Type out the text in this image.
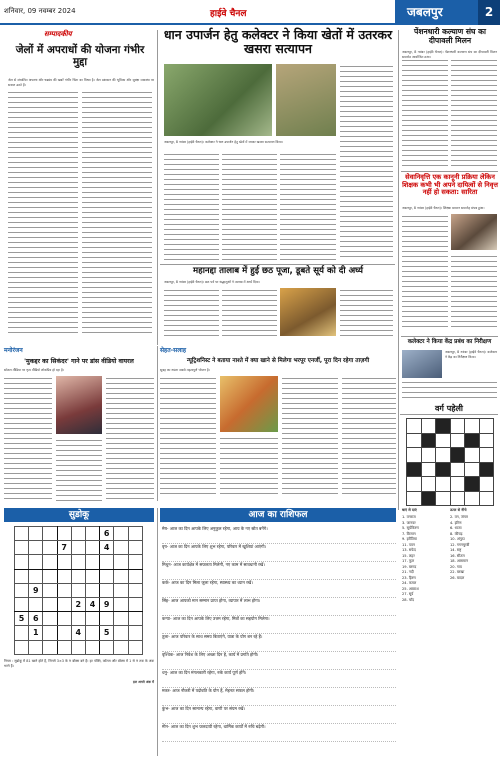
शनिवार, 09 नवम्बर 2024	हाईवे चैनल	जबलपुर	2
सम्पादकीय
जेलों में अपराधों की योजना गंभीर मुद्दा
जेल से संचालित अपराध और षड्यंत्र की खबरें गंभीर चिंता का विषय है। जेल प्रशासन की भूमिका और सुरक्षा व्यवस्था पर सवाल उठते हैं।
धान उपार्जन हेतु कलेक्टर ने किया खेतों में उतरकर खसरा सत्यापन
जबलपुर, 8 नवंबर (हाईवे चैनल)। कलेक्टर ने धान उपार्जन हेतु खेतों में जाकर खसरा सत्यापन किया।
महानद्दा तालाब में हुई छठ पूजा, डूबते सूर्य को दी अर्घ्य
जबलपुर, 8 नवंबर (हाईवे चैनल)। छठ पर्व पर श्रद्धालुओं ने तालाब में अर्घ्य दिया।
पेंशनधारी कल्याण संघ का दीपावली मिलन
जबलपुर, 8 नवंबर (हाईवे चैनल)। पेंशनधारी कल्याण संघ का दीपावली मिलन
सेवानिवृत्ति एक कानूनी प्रक्रिया लेकिन शिक्षक कभी भी अपने दायित्वों से निवृत्त नहीं हो सकता: सारिता
जबलपुर, 8 नवंबर (हाईवे चैनल)। शिक्षक सम्मान समारोह संपन्न हुआ।
कलेक्टर ने किया केंद्र प्रबंध का निरीक्षण
जबलपुर, 8 नवंबर (हाईवे चैनल)। कलेक्टर ने केंद्र का निरीक्षण किया।
वर्ग पहेली

मनोरंजन
'मुकद्दर का सिकंदर' गाने पर डांस वीडियो वायरल
सोशल मीडिया पर नृत्य वीडियो लोकप्रिय हो रहा है।
सेहत-सलाह
न्यूट्रिशनिस्ट ने बताया नाश्ते में क्या खाने से मिलेगा भरपूर एनर्जी, पूरा दिन रहेगा ताज़गी
सुबह का नाश्ता सबसे महत्वपूर्ण भोजन है।
सुडोकू
						6		
			7			4		

	9							
				2	4	9		
5	6							
	1			4		5		

नियम : सुडोकू में 81 खाने होते हैं, जिनमें 3×3 के 9 बॉक्स बने हैं। हर पंक्ति, कॉलम और बॉक्स में 1 से 9 तक के अंक भरने हैं।
हल अगले अंक में
आज का राशिफल
मेष- आज का दिन आपके लिए अनुकूल रहेगा, आय के नए स्रोत बनेंगे।
वृष- आज का दिन आपके लिए शुभ रहेगा, परिवार में खुशियां आएंगी।
मिथुन- आज कार्यक्षेत्र में सफलता मिलेगी, नए काम में सावधानी रखें।
कर्क- आज का दिन मिला जुला रहेगा, स्वास्थ्य का ध्यान रखें।
सिंह- आज आपको मान सम्मान प्राप्त होगा, व्यापार में लाभ होगा।
कन्या- आज का दिन आपके लिए उत्तम रहेगा, मित्रों का सहयोग मिलेगा।
तुला- आज परिवार के साथ समय बिताएंगे, यात्रा के योग बन रहे हैं।
वृश्चिक- आज निवेश के लिए अच्छा दिन है, कार्य में प्रगति होगी।
धनु- आज का दिन मंगलकारी रहेगा, रुके कार्य पूर्ण होंगे।
मकर- आज नौकरी में पदोन्नति के योग हैं, मेहनत सफल होगी।
कुंभ- आज का दिन सामान्य रहेगा, वाणी पर संयम रखें।
मीन- आज का दिन शुभ फलदायी रहेगा, धार्मिक कार्यों में रुचि बढ़ेगी।
बाएं से दाएं
1. वनराज
3. जानवर
5. सूर्यकिरण
7. किसान
9. हरीतिमा
11. पवन
13. सफेद
15. लहर
17. फूल
19. बरगद
21. नदी
23. हिरण
24. कमल
25. आकाश
27. सूर्य
28. चाँद
ऊपर से नीचे
2. वन, जंगल
4. हरिण
6. ध्वजा
8. कीचड़
10. अंगूठा
12. गगनचुम्बी
14. राष्ट्र
16. सीतल
18. आसमान
20. गाय
22. बरखा
26. बादल
